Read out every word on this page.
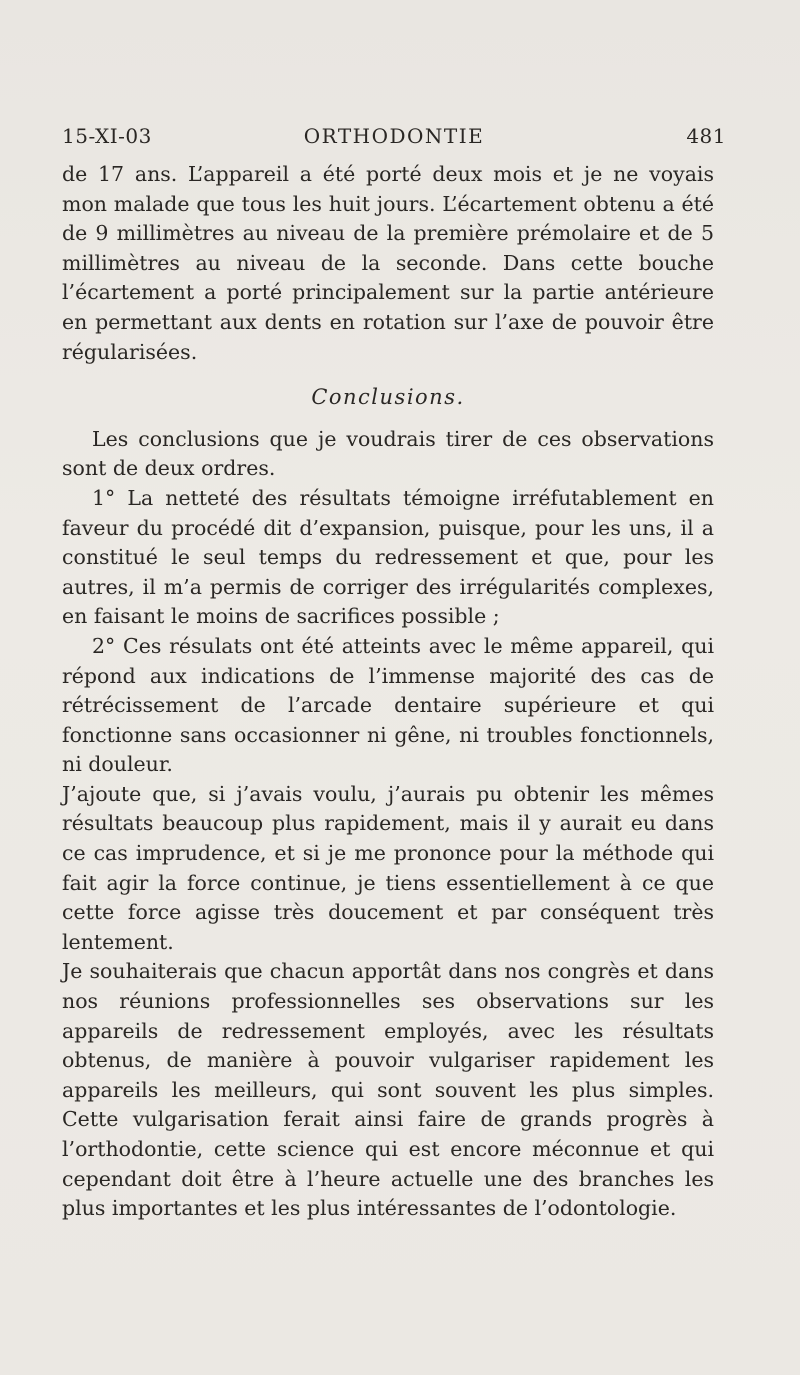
ORTHODONTIE
15-XI-03	481

de 17 ans. L’appareil a été porté deux mois et je ne voyais mon malade que tous les huit jours. L’écartement obtenu a été de 9 millimètres au niveau de la première prémolaire et de 5 millimètres au niveau de la seconde. Dans cette bouche l’écartement a porté principalement sur la partie antérieure en permettant aux dents en rotation sur l’axe de pouvoir être régularisées.

Conclusions.

Les conclusions que je voudrais tirer de ces observations sont de deux ordres.

1° La netteté des résultats témoigne irréfutablement en faveur du procédé dit d’expansion, puisque, pour les uns, il a constitué le seul temps du redressement et que, pour les autres, il m’a permis de corriger des irrégularités complexes, en faisant le moins de sacrifices possible ;

2° Ces résulats ont été atteints avec le même appareil, qui répond aux indications de l’immense majorité des cas de rétrécissement de l’arcade dentaire supérieure et qui fonctionne sans occasionner ni gêne, ni troubles fonctionnels, ni douleur.

J’ajoute que, si j’avais voulu, j’aurais pu obtenir les mêmes résultats beaucoup plus rapidement, mais il y aurait eu dans ce cas imprudence, et si je me prononce pour la méthode qui fait agir la force continue, je tiens essentiellement à ce que cette force agisse très doucement et par conséquent très lentement.

Je souhaiterais que chacun apportât dans nos congrès et dans nos réunions professionnelles ses observations sur les appareils de redressement employés, avec les résultats obtenus, de manière à pouvoir vulgariser rapidement les appareils les meilleurs, qui sont souvent les plus simples. Cette vulgarisation ferait ainsi faire de grands progrès à l’orthodontie, cette science qui est encore méconnue et qui cependant doit être à l’heure actuelle une des branches les plus importantes et les plus intéressantes de l’odontologie.
